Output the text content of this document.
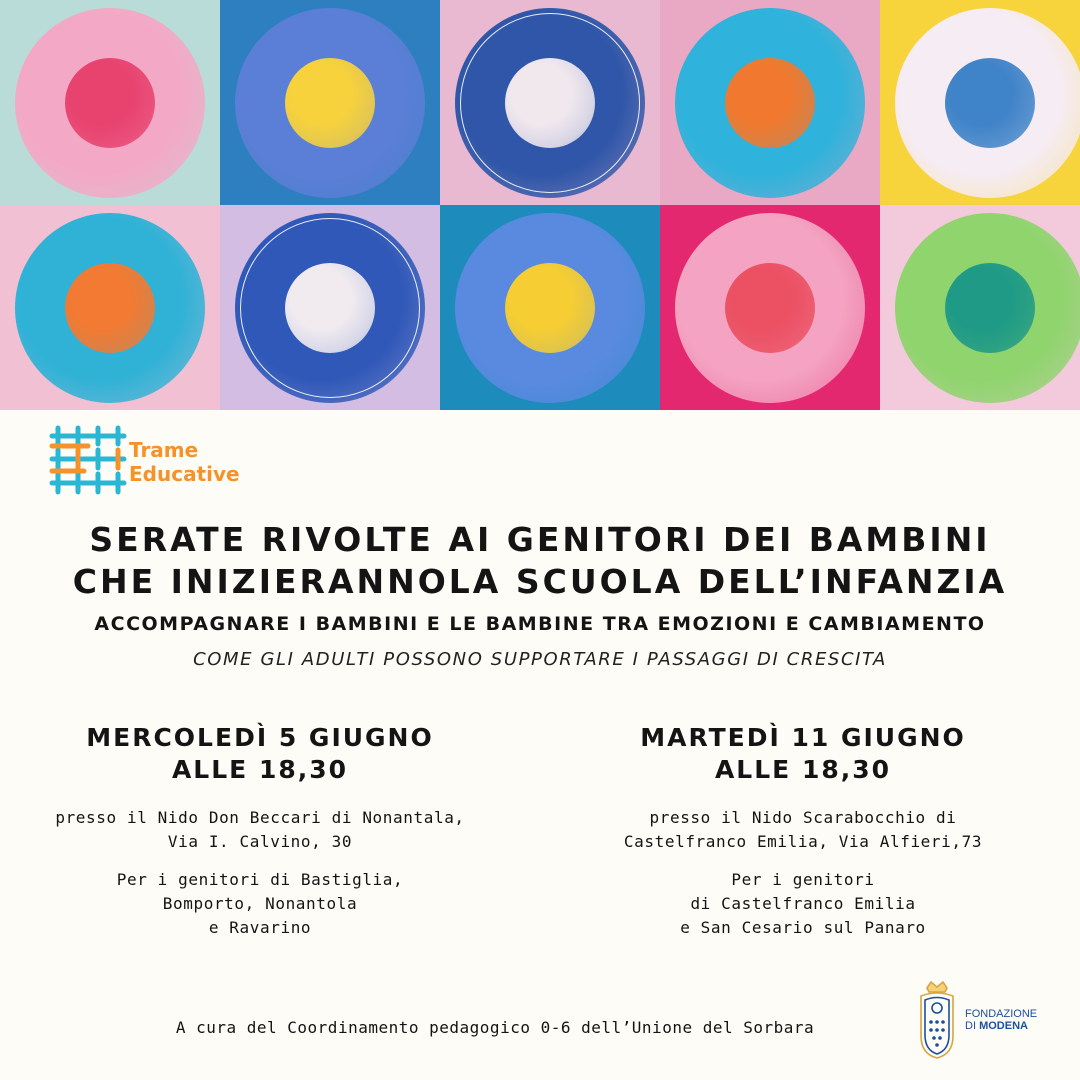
Trame
Educative
SERATE RIVOLTE AI GENITORI DEI BAMBINI
CHE INIZIERANNOLA SCUOLA DELL’INFANZIA
ACCOMPAGNARE I BAMBINI E LE BAMBINE TRA EMOZIONI E CAMBIAMENTO
COME GLI ADULTI POSSONO SUPPORTARE I PASSAGGI DI CRESCITA
MERCOLEDÌ 5 GIUGNO
ALLE 18,30
presso il Nido Don Beccari di Nonantala,
Via I. Calvino, 30
Per i genitori di Bastiglia,
Bomporto, Nonantola
e Ravarino
MARTEDÌ 11 GIUGNO
ALLE 18,30
presso il Nido Scarabocchio di
Castelfranco Emilia, Via Alfieri,73
Per i genitori
di Castelfranco Emilia
e San Cesario sul Panaro
A cura del Coordinamento pedagogico 0-6 dell’Unione del Sorbara
FONDAZIONE
DI MODENA
